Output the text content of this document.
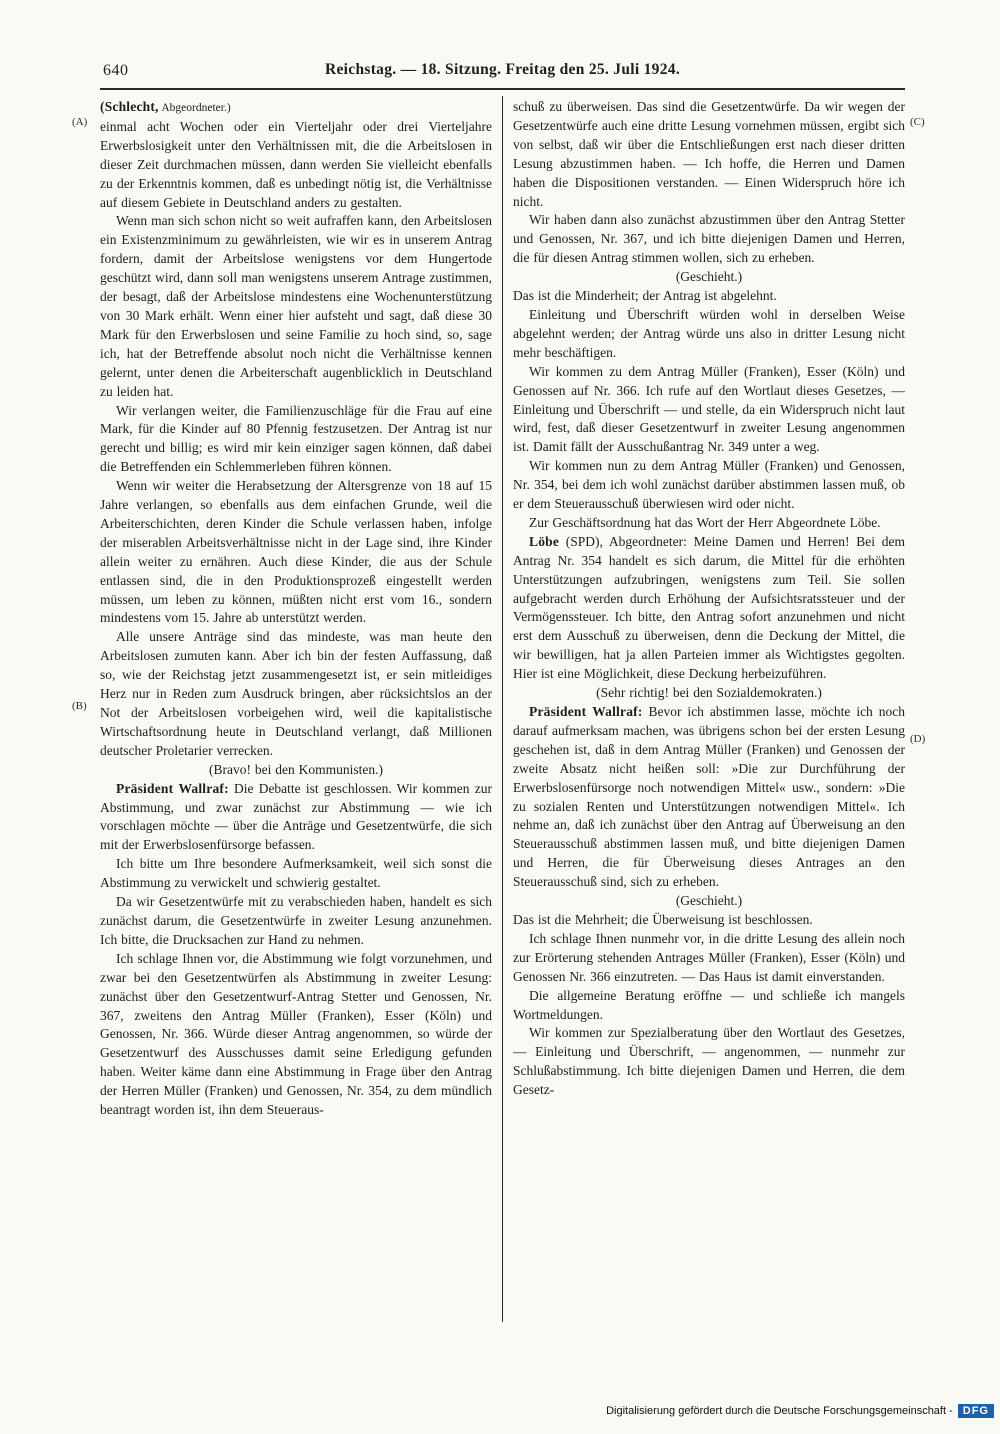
640	Reichstag. — 18. Sitzung. Freitag den 25. Juli 1924.
(A)
(B)
(C)
(D)

(Schlecht, Abgeordneter.)

einmal acht Wochen oder ein Vierteljahr oder drei Vierteljahre Erwerbslosigkeit unter den Verhältnissen mit, die die Arbeitslosen in dieser Zeit durchmachen müssen, dann werden Sie vielleicht ebenfalls zu der Erkenntnis kommen, daß es unbedingt nötig ist, die Verhältnisse auf diesem Gebiete in Deutschland anders zu gestalten.

Wenn man sich schon nicht so weit aufraffen kann, den Arbeitslosen ein Existenzminimum zu gewährleisten, wie wir es in unserem Antrag fordern, damit der Arbeitslose wenigstens vor dem Hungertode geschützt wird, dann soll man wenigstens unserem Antrage zustimmen, der besagt, daß der Arbeitslose mindestens eine Wochenunterstützung von 30 Mark erhält. Wenn einer hier aufsteht und sagt, daß diese 30 Mark für den Erwerbslosen und seine Familie zu hoch sind, so, sage ich, hat der Betreffende absolut noch nicht die Verhältnisse kennen gelernt, unter denen die Arbeiterschaft augenblicklich in Deutschland zu leiden hat.

Wir verlangen weiter, die Familienzuschläge für die Frau auf eine Mark, für die Kinder auf 80 Pfennig festzusetzen. Der Antrag ist nur gerecht und billig; es wird mir kein einziger sagen können, daß dabei die Betreffenden ein Schlemmerleben führen können.

Wenn wir weiter die Herabsetzung der Altersgrenze von 18 auf 15 Jahre verlangen, so ebenfalls aus dem einfachen Grunde, weil die Arbeiterschichten, deren Kinder die Schule verlassen haben, infolge der miserablen Arbeitsverhältnisse nicht in der Lage sind, ihre Kinder allein weiter zu ernähren. Auch diese Kinder, die aus der Schule entlassen sind, die in den Produktionsprozeß eingestellt werden müssen, um leben zu können, müßten nicht erst vom 16., sondern mindestens vom 15. Jahre ab unterstützt werden.

Alle unsere Anträge sind das mindeste, was man heute den Arbeitslosen zumuten kann. Aber ich bin der festen Auffassung, daß so, wie der Reichstag jetzt zusammengesetzt ist, er sein mitleidiges Herz nur in Reden zum Ausdruck bringen, aber rücksichtslos an der Not der Arbeitslosen vorbeigehen wird, weil die kapitalistische Wirtschaftsordnung heute in Deutschland verlangt, daß Millionen deutscher Proletarier verrecken.

(Bravo! bei den Kommunisten.)

Präsident Wallraf: Die Debatte ist geschlossen. Wir kommen zur Abstimmung, und zwar zunächst zur Abstimmung — wie ich vorschlagen möchte — über die Anträge und Gesetzentwürfe, die sich mit der Erwerbslosenfürsorge befassen.

Ich bitte um Ihre besondere Aufmerksamkeit, weil sich sonst die Abstimmung zu verwickelt und schwierig gestaltet.

Da wir Gesetzentwürfe mit zu verabschieden haben, handelt es sich zunächst darum, die Gesetzentwürfe in zweiter Lesung anzunehmen. Ich bitte, die Drucksachen zur Hand zu nehmen.

Ich schlage Ihnen vor, die Abstimmung wie folgt vorzunehmen, und zwar bei den Gesetzentwürfen als Abstimmung in zweiter Lesung: zunächst über den Gesetzentwurf-Antrag Stetter und Genossen, Nr. 367, zweitens den Antrag Müller (Franken), Esser (Köln) und Genossen, Nr. 366. Würde dieser Antrag angenommen, so würde der Gesetzentwurf des Ausschusses damit seine Erledigung gefunden haben. Weiter käme dann eine Abstimmung in Frage über den Antrag der Herren Müller (Franken) und Genossen, Nr. 354, zu dem mündlich beantragt worden ist, ihn dem Steueraus-

schuß zu überweisen. Das sind die Gesetzentwürfe. Da wir wegen der Gesetzentwürfe auch eine dritte Lesung vornehmen müssen, ergibt sich von selbst, daß wir über die Entschließungen erst nach dieser dritten Lesung abzustimmen haben. — Ich hoffe, die Herren und Damen haben die Dispositionen verstanden. — Einen Widerspruch höre ich nicht.

Wir haben dann also zunächst abzustimmen über den Antrag Stetter und Genossen, Nr. 367, und ich bitte diejenigen Damen und Herren, die für diesen Antrag stimmen wollen, sich zu erheben.

(Geschieht.)

Das ist die Minderheit; der Antrag ist abgelehnt.

Einleitung und Überschrift würden wohl in derselben Weise abgelehnt werden; der Antrag würde uns also in dritter Lesung nicht mehr beschäftigen.

Wir kommen zu dem Antrag Müller (Franken), Esser (Köln) und Genossen auf Nr. 366. Ich rufe auf den Wortlaut dieses Gesetzes, — Einleitung und Überschrift — und stelle, da ein Widerspruch nicht laut wird, fest, daß dieser Gesetzentwurf in zweiter Lesung angenommen ist. Damit fällt der Ausschußantrag Nr. 349 unter a weg.

Wir kommen nun zu dem Antrag Müller (Franken) und Genossen, Nr. 354, bei dem ich wohl zunächst darüber abstimmen lassen muß, ob er dem Steuerausschuß überwiesen wird oder nicht.

Zur Geschäftsordnung hat das Wort der Herr Abgeordnete Löbe.

Löbe (SPD), Abgeordneter: Meine Damen und Herren! Bei dem Antrag Nr. 354 handelt es sich darum, die Mittel für die erhöhten Unterstützungen aufzubringen, wenigstens zum Teil. Sie sollen aufgebracht werden durch Erhöhung der Aufsichtsratssteuer und der Vermögenssteuer. Ich bitte, den Antrag sofort anzunehmen und nicht erst dem Ausschuß zu überweisen, denn die Deckung der Mittel, die wir bewilligen, hat ja allen Parteien immer als Wichtigstes gegolten. Hier ist eine Möglichkeit, diese Deckung herbeizuführen.

(Sehr richtig! bei den Sozialdemokraten.)

Präsident Wallraf: Bevor ich abstimmen lasse, möchte ich noch darauf aufmerksam machen, was übrigens schon bei der ersten Lesung geschehen ist, daß in dem Antrag Müller (Franken) und Genossen der zweite Absatz nicht heißen soll: »Die zur Durchführung der Erwerbslosenfürsorge noch notwendigen Mittel« usw., sondern: »Die zu sozialen Renten und Unterstützungen notwendigen Mittel«. Ich nehme an, daß ich zunächst über den Antrag auf Überweisung an den Steuerausschuß abstimmen lassen muß, und bitte diejenigen Damen und Herren, die für Überweisung dieses Antrages an den Steuerausschuß sind, sich zu erheben.

(Geschieht.)

Das ist die Mehrheit; die Überweisung ist beschlossen.

Ich schlage Ihnen nunmehr vor, in die dritte Lesung des allein noch zur Erörterung stehenden Antrages Müller (Franken), Esser (Köln) und Genossen Nr. 366 einzutreten. — Das Haus ist damit einverstanden.

Die allgemeine Beratung eröffne — und schließe ich mangels Wortmeldungen.

Wir kommen zur Spezialberatung über den Wortlaut des Gesetzes, — Einleitung und Überschrift, — angenommen, — nunmehr zur Schlußabstimmung. Ich bitte diejenigen Damen und Herren, die dem Gesetz-

Digitalisierung gefördert durch die Deutsche Forschungsgemeinschaft - DFG
